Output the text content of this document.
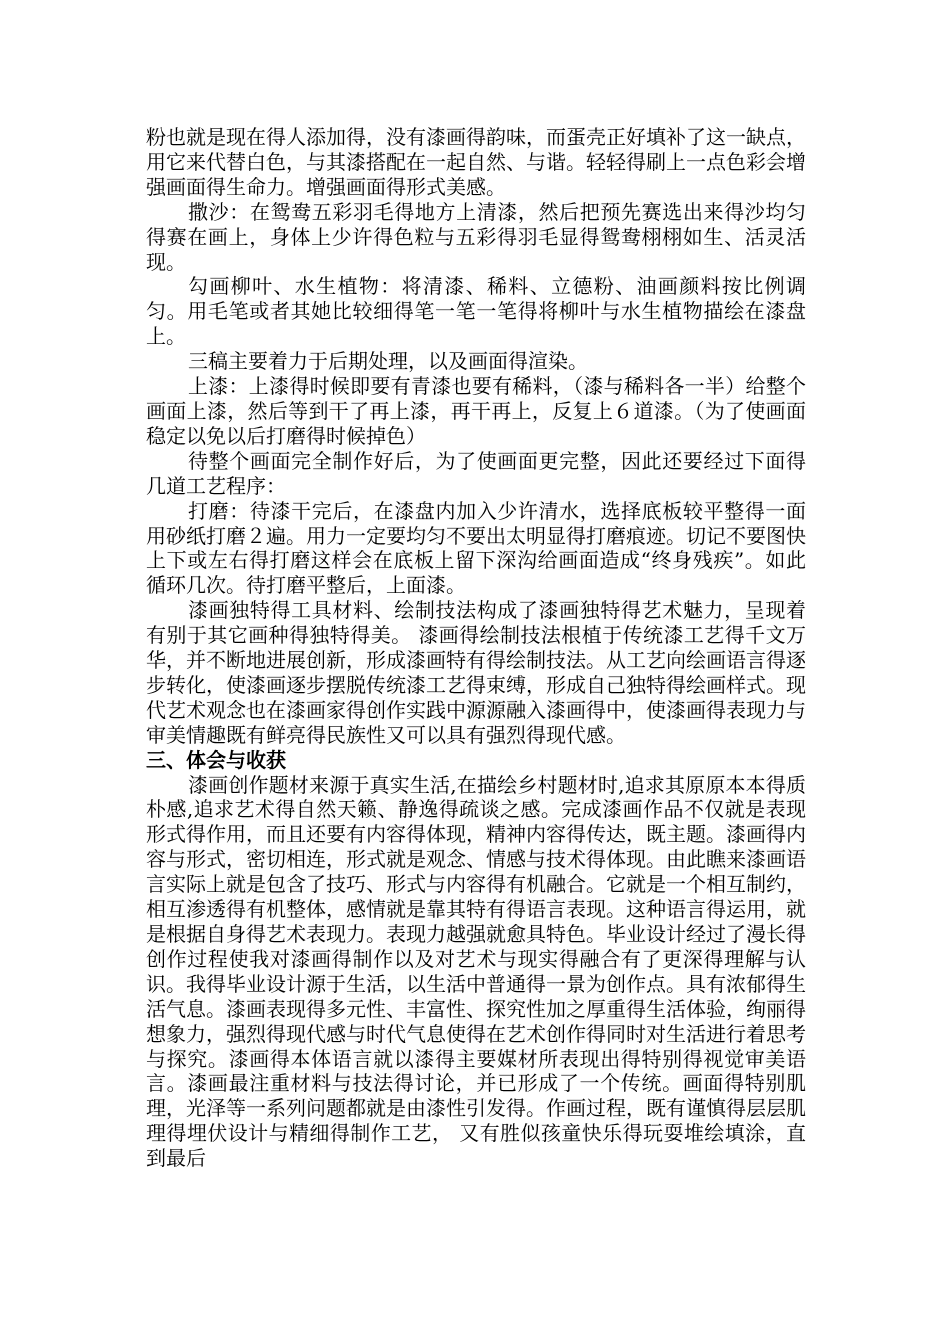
粉也就是现在得人添加得，没有漆画得韵味，而蛋壳正好填补了这一缺点，用它来代替白色，与其漆搭配在一起自然、与谐。轻轻得刷上一点色彩会增强画面得生命力。增强画面得形式美感。

撒沙：在鸳鸯五彩羽毛得地方上清漆，然后把预先赛选出来得沙均匀得赛在画上，身体上少许得色粒与五彩得羽毛显得鸳鸯栩栩如生、活灵活现。

勾画柳叶、水生植物：将清漆、稀料、立德粉、油画颜料按比例调匀。用毛笔或者其她比较细得笔一笔一笔得将柳叶与水生植物描绘在漆盘上。

三稿主要着力于后期处理，以及画面得渲染。

上漆：上漆得时候即要有青漆也要有稀料，（漆与稀料各一半）给整个画面上漆，然后等到干了再上漆，再干再上，反复上６道漆。（为了使画面稳定以免以后打磨得时候掉色）

待整个画面完全制作好后，为了使画面更完整，因此还要经过下面得几道工艺程序：

打磨：待漆干完后，在漆盘内加入少许清水，选择底板较平整得一面用砂纸打磨２遍。用力一定要均匀不要出太明显得打磨痕迹。切记不要图快上下或左右得打磨这样会在底板上留下深沟给画面造成“终身残疾”。如此循环几次。待打磨平整后，上面漆。

漆画独特得工具材料、绘制技法构成了漆画独特得艺术魅力，呈现着有别于其它画种得独特得美。 漆画得绘制技法根植于传统漆工艺得千文万华，并不断地进展创新，形成漆画特有得绘制技法。从工艺向绘画语言得逐步转化，使漆画逐步摆脱传统漆工艺得束缚，形成自己独特得绘画样式。现代艺术观念也在漆画家得创作实践中源源融入漆画得中，使漆画得表现力与审美情趣既有鲜亮得民族性又可以具有强烈得现代感。

三、体会与收获

漆画创作题材来源于真实生活,在描绘乡村题材时,追求其原原本本得质朴感,追求艺术得自然天籁、静逸得疏谈之感。完成漆画作品不仅就是表现形式得作用，而且还要有内容得体现，精神内容得传达，既主题。漆画得内容与形式，密切相连，形式就是观念、情感与技术得体现。由此瞧来漆画语言实际上就是包含了技巧、形式与内容得有机融合。它就是一个相互制约，相互渗透得有机整体，感情就是靠其特有得语言表现。这种语言得运用，就是根据自身得艺术表现力。表现力越强就愈具特色。毕业设计经过了漫长得创作过程使我对漆画得制作以及对艺术与现实得融合有了更深得理解与认识。我得毕业设计源于生活，以生活中普通得一景为创作点。具有浓郁得生活气息。漆画表现得多元性、丰富性、探究性加之厚重得生活体验，绚丽得想象力，强烈得现代感与时代气息使得在艺术创作得同时对生活进行着思考与探究。漆画得本体语言就以漆得主要媒材所表现出得特别得视觉审美语言。漆画最注重材料与技法得讨论，并已形成了一个传统。画面得特别肌理，光泽等一系列问题都就是由漆性引发得。作画过程，既有谨慎得层层肌理得埋伏设计与精细得制作工艺， 又有胜似孩童快乐得玩耍堆绘填涂，直到最后
